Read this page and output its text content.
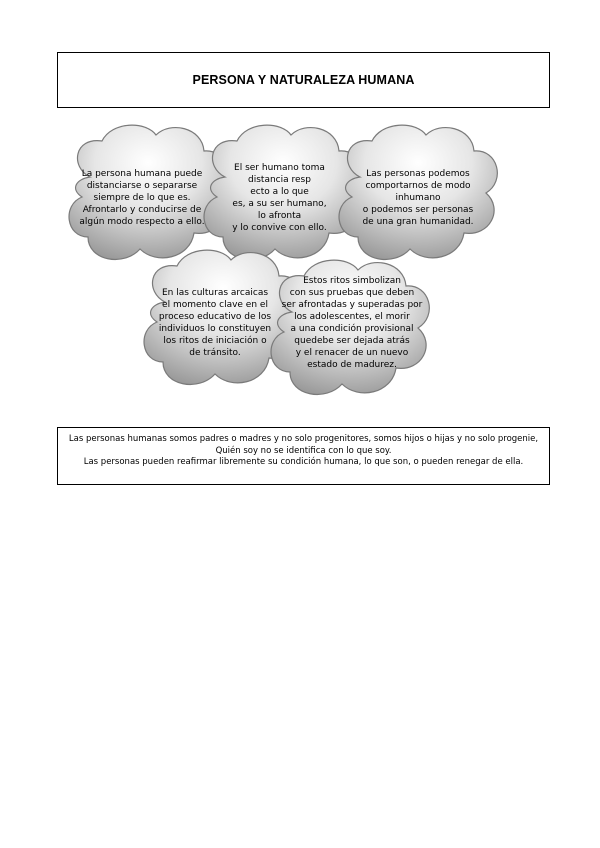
PERSONA Y NATURALEZA HUMANA
La persona humana puede
distanciarse o separarse
siempre de lo que es.
Afrontarlo y conducirse de
algún modo respecto a ello.
El ser humano toma
distancia resp
ecto a lo que
es, a su ser humano,
lo afronta
y lo convive con ello.
Las personas podemos
comportarnos de modo
inhumano
o podemos ser personas
de una gran humanidad.
En las culturas arcaicas
el momento clave en el
proceso educativo de los
individuos lo constituyen
los ritos de iniciación o
de tránsito.
Estos ritos simbolizan
con sus pruebas que deben
ser afrontadas y superadas por
los adolescentes, el morir
a una condición provisional
quedebe ser dejada atrás
y el renacer de un nuevo
estado de madurez.
Las personas humanas somos padres o madres y no solo progenitores, somos hijos o hijas y no solo progenie,
Quién soy no se identifica con lo que soy.
Las personas pueden reafirmar libremente su condición humana, lo que son, o pueden renegar de ella.
